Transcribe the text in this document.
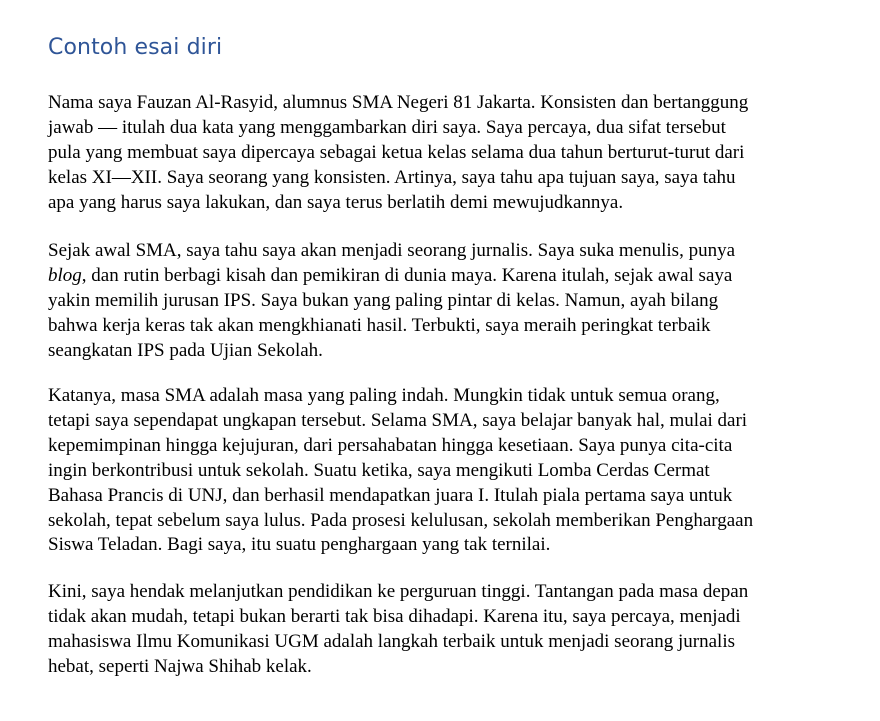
Contoh esai diri

Nama saya Fauzan Al-Rasyid, alumnus SMA Negeri 81 Jakarta. Konsisten dan bertanggung
jawab — itulah dua kata yang menggambarkan diri saya. Saya percaya, dua sifat tersebut
pula yang membuat saya dipercaya sebagai ketua kelas selama dua tahun berturut-turut dari
kelas XI—XII. Saya seorang yang konsisten. Artinya, saya tahu apa tujuan saya, saya tahu
apa yang harus saya lakukan, dan saya terus berlatih demi mewujudkannya.

Sejak awal SMA, saya tahu saya akan menjadi seorang jurnalis. Saya suka menulis, punya
blog, dan rutin berbagi kisah dan pemikiran di dunia maya. Karena itulah, sejak awal saya
yakin memilih jurusan IPS. Saya bukan yang paling pintar di kelas. Namun, ayah bilang
bahwa kerja keras tak akan mengkhianati hasil. Terbukti, saya meraih peringkat terbaik
seangkatan IPS pada Ujian Sekolah.

Katanya, masa SMA adalah masa yang paling indah. Mungkin tidak untuk semua orang,
tetapi saya sependapat ungkapan tersebut. Selama SMA, saya belajar banyak hal, mulai dari
kepemimpinan hingga kejujuran, dari persahabatan hingga kesetiaan. Saya punya cita-cita
ingin berkontribusi untuk sekolah. Suatu ketika, saya mengikuti Lomba Cerdas Cermat
Bahasa Prancis di UNJ, dan berhasil mendapatkan juara I. Itulah piala pertama saya untuk
sekolah, tepat sebelum saya lulus. Pada prosesi kelulusan, sekolah memberikan Penghargaan
Siswa Teladan. Bagi saya, itu suatu penghargaan yang tak ternilai.

Kini, saya hendak melanjutkan pendidikan ke perguruan tinggi. Tantangan pada masa depan
tidak akan mudah, tetapi bukan berarti tak bisa dihadapi. Karena itu, saya percaya, menjadi
mahasiswa Ilmu Komunikasi UGM adalah langkah terbaik untuk menjadi seorang jurnalis
hebat, seperti Najwa Shihab kelak.
